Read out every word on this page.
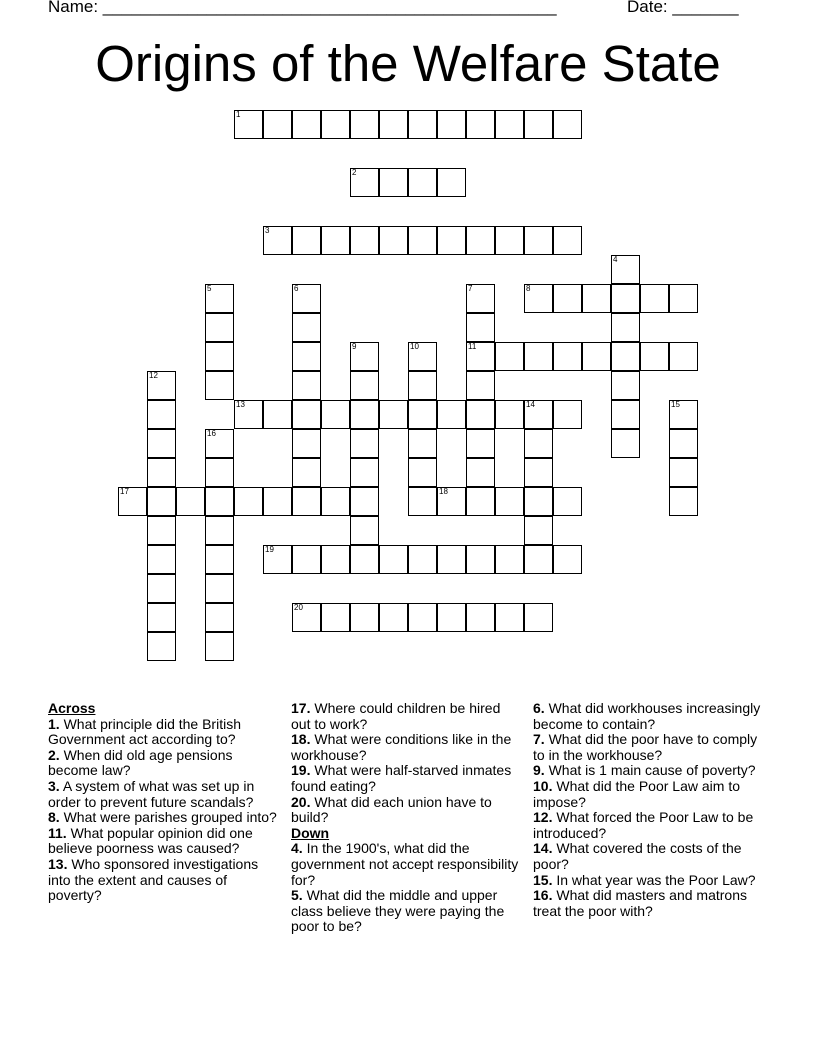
Name: ________________________________________________	Date: _______
Origins of the Welfare State
1
2
3
4
5	6	7
11
8
9	10
12
13	14	15
16
17	18
19
20
Across
1. What principle did the British Government act according to?
2. When did old age pensions become law?
3. A system of what was set up in order to prevent future scandals?
8. What were parishes grouped into?
11. What popular opinion did one believe poorness was caused?
13. Who sponsored investigations into the extent and causes of poverty?
17. Where could children be hired out to work?
18. What were conditions like in the workhouse?
19. What were half-starved inmates found eating?
20. What did each union have to build?
Down
4. In the 1900's, what did the government not accept responsibility for?
5. What did the middle and upper class believe they were paying the poor to be?
6. What did workhouses increasingly become to contain?
7. What did the poor have to comply to in the workhouse?
9. What is 1 main cause of poverty?
10. What did the Poor Law aim to impose?
12. What forced the Poor Law to be introduced?
14. What covered the costs of the poor?
15. In what year was the Poor Law?
16. What did masters and matrons treat the poor with?
